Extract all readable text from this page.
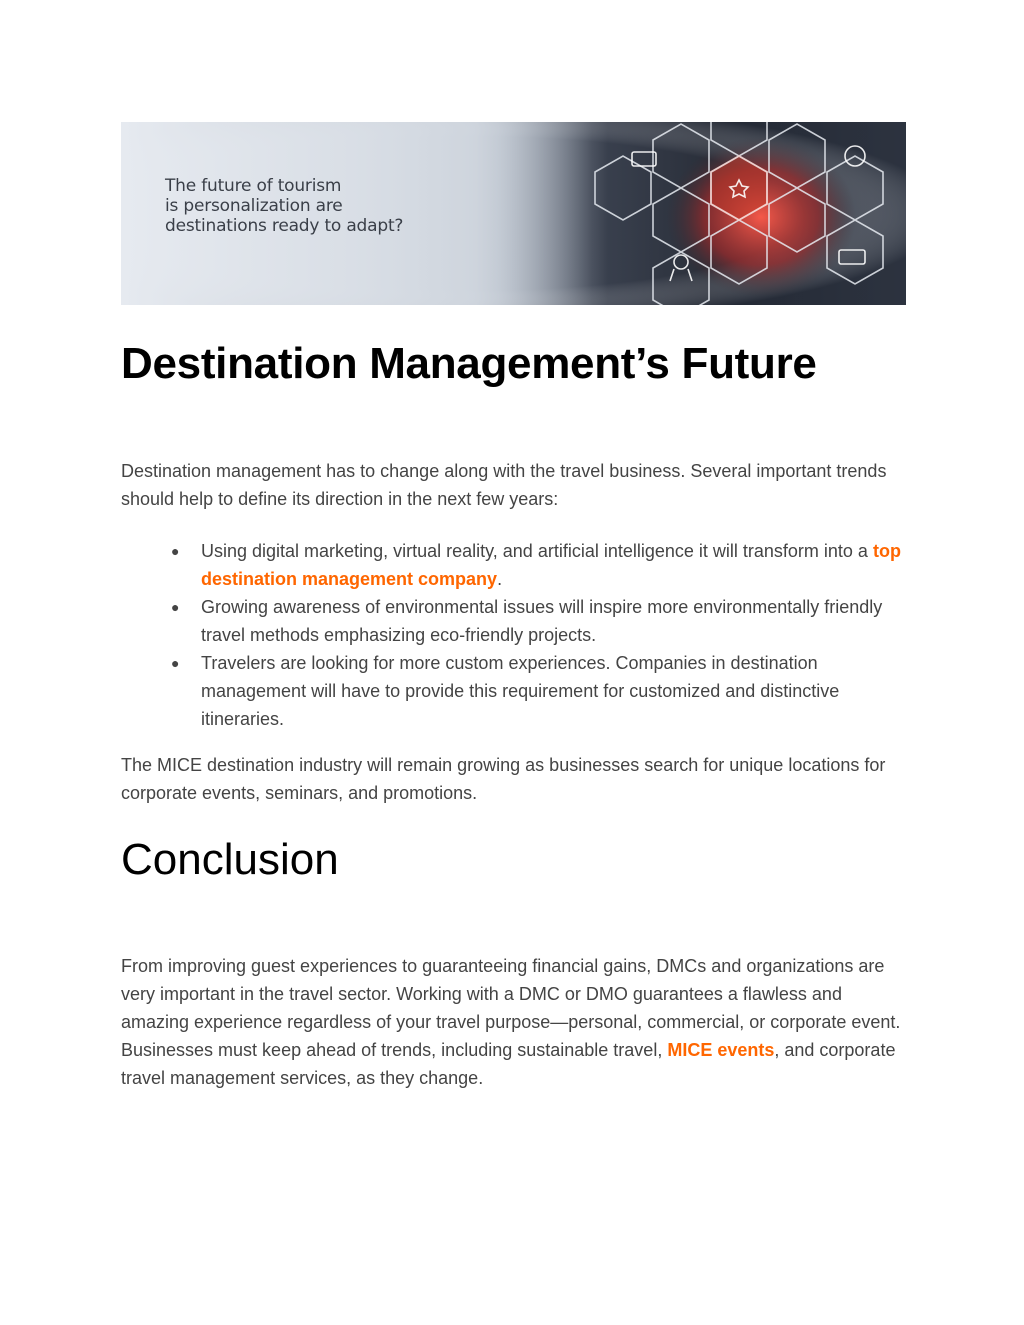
The future of tourism
is personalization are
destinations ready to adapt?
Destination Management’s Future

Destination management has to change along with the travel business. Several important trends should help to define its direction in the next few years:

● Using digital marketing, virtual reality, and artificial intelligence it will transform into a top destination management company.
● Growing awareness of environmental issues will inspire more environmentally friendly travel methods emphasizing eco-friendly projects.
● Travelers are looking for more custom experiences. Companies in destination management will have to provide this requirement for customized and distinctive itineraries.

The MICE destination industry will remain growing as businesses search for unique locations for corporate events, seminars, and promotions.

Conclusion

From improving guest experiences to guaranteeing financial gains, DMCs and organizations are very important in the travel sector. Working with a DMC or DMO guarantees a flawless and amazing experience regardless of your travel purpose—personal, commercial, or corporate event. Businesses must keep ahead of trends, including sustainable travel, MICE events, and corporate travel management services, as they change.
